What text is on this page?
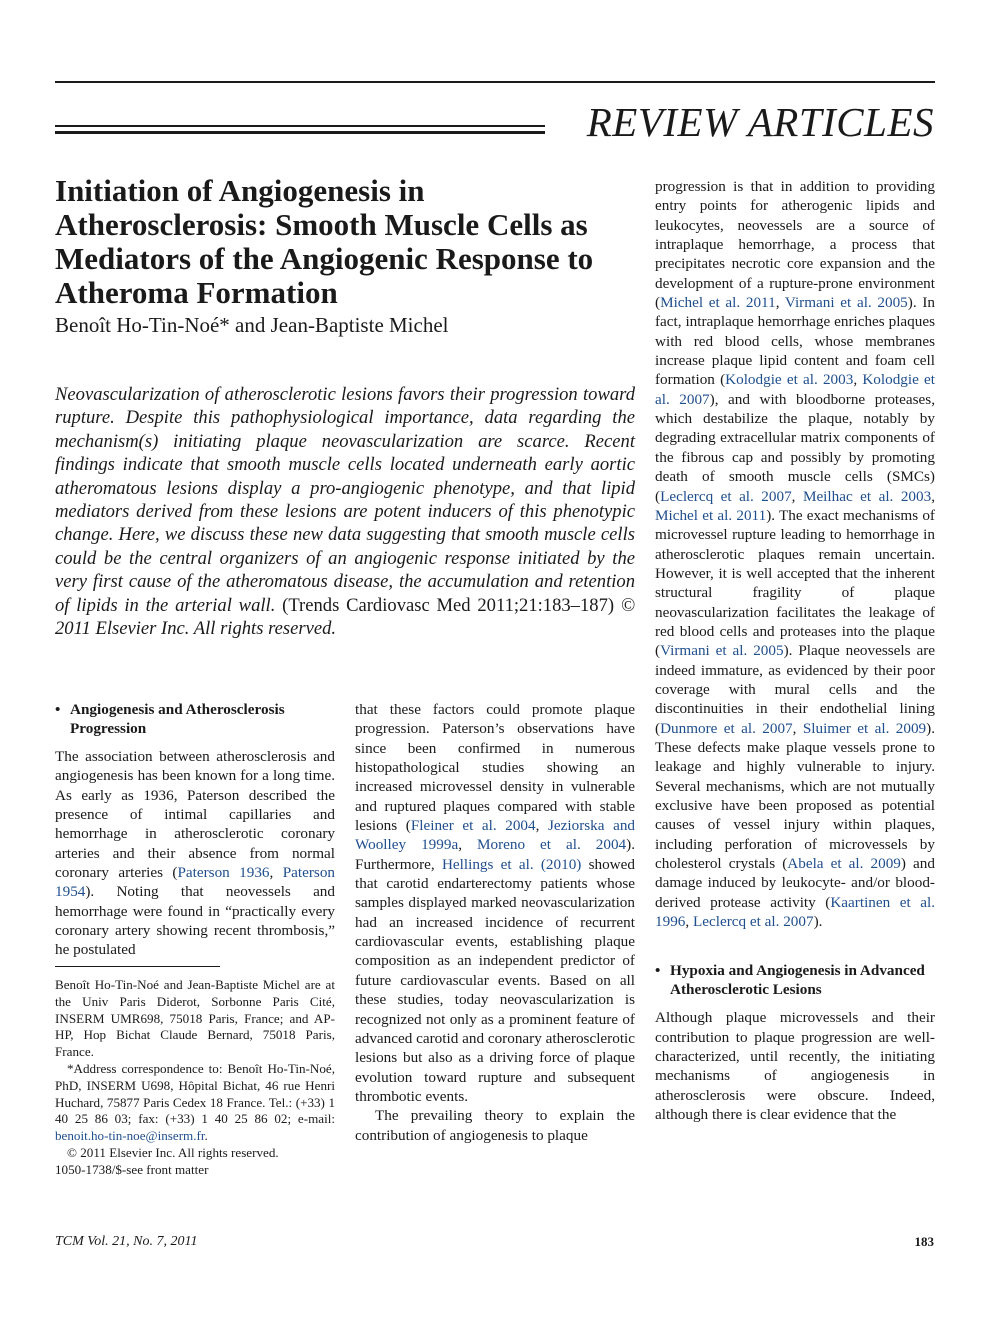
REVIEW ARTICLES
Initiation of Angiogenesis in Atherosclerosis: Smooth Muscle Cells as Mediators of the Angiogenic Response to Atheroma Formation
Benoît Ho-Tin-Noé* and Jean-Baptiste Michel
Neovascularization of atherosclerotic lesions favors their progression toward rupture. Despite this pathophysiological importance, data regarding the mechanism(s) initiating plaque neovascularization are scarce. Recent findings indicate that smooth muscle cells located underneath early aortic atheromatous lesions display a pro-angiogenic phenotype, and that lipid mediators derived from these lesions are potent inducers of this phenotypic change. Here, we discuss these new data suggesting that smooth muscle cells could be the central organizers of an angiogenic response initiated by the very first cause of the atheromatous disease, the accumulation and retention of lipids in the arterial wall. (Trends Cardiovasc Med 2011;21:183–187) © 2011 Elsevier Inc. All rights reserved.
• Angiogenesis and Atherosclerosis Progression

The association between atherosclerosis and angiogenesis has been known for a long time. As early as 1936, Paterson described the presence of intimal capillaries and hemorrhage in atherosclerotic coronary arteries and their absence from normal coronary arteries (Paterson 1936, Paterson 1954). Noting that neovessels and hemorrhage were found in “practically every coronary artery showing recent thrombosis,” he postulated

Benoît Ho-Tin-Noé and Jean-Baptiste Michel are at the Univ Paris Diderot, Sorbonne Paris Cité, INSERM UMR698, 75018 Paris, France; and AP-HP, Hop Bichat Claude Bernard, 75018 Paris, France.

*Address correspondence to: Benoît Ho-Tin-Noé, PhD, INSERM U698, Hôpital Bichat, 46 rue Henri Huchard, 75877 Paris Cedex 18 France. Tel.: (+33) 1 40 25 86 03; fax: (+33) 1 40 25 86 02; e-mail: benoit.ho-tin-noe@inserm.fr.

© 2011 Elsevier Inc. All rights reserved.

1050-1738/$-see front matter

that these factors could promote plaque progression. Paterson’s observations have since been confirmed in numerous histopathological studies showing an increased microvessel density in vulnerable and ruptured plaques compared with stable lesions (Fleiner et al. 2004, Jeziorska and Woolley 1999a, Moreno et al. 2004). Furthermore, Hellings et al. (2010) showed that carotid endarterectomy patients whose samples displayed marked neovascularization had an increased incidence of recurrent cardiovascular events, establishing plaque composition as an independent predictor of future cardiovascular events. Based on all these studies, today neovascularization is recognized not only as a prominent feature of advanced carotid and coronary atherosclerotic lesions but also as a driving force of plaque evolution toward rupture and subsequent thrombotic events.

The prevailing theory to explain the contribution of angiogenesis to plaque

progression is that in addition to providing entry points for atherogenic lipids and leukocytes, neovessels are a source of intraplaque hemorrhage, a process that precipitates necrotic core expansion and the development of a rupture-prone environment (Michel et al. 2011, Virmani et al. 2005). In fact, intraplaque hemorrhage enriches plaques with red blood cells, whose membranes increase plaque lipid content and foam cell formation (Kolodgie et al. 2003, Kolodgie et al. 2007), and with bloodborne proteases, which destabilize the plaque, notably by degrading extracellular matrix components of the fibrous cap and possibly by promoting death of smooth muscle cells (SMCs) (Leclercq et al. 2007, Meilhac et al. 2003, Michel et al. 2011). The exact mechanisms of microvessel rupture leading to hemorrhage in atherosclerotic plaques remain uncertain. However, it is well accepted that the inherent structural fragility of plaque neovascularization facilitates the leakage of red blood cells and proteases into the plaque (Virmani et al. 2005). Plaque neovessels are indeed immature, as evidenced by their poor coverage with mural cells and the discontinuities in their endothelial lining (Dunmore et al. 2007, Sluimer et al. 2009). These defects make plaque vessels prone to leakage and highly vulnerable to injury. Several mechanisms, which are not mutually exclusive have been proposed as potential causes of vessel injury within plaques, including perforation of microvessels by cholesterol crystals (Abela et al. 2009) and damage induced by leukocyte- and/or blood-derived protease activity (Kaartinen et al. 1996, Leclercq et al. 2007).

• Hypoxia and Angiogenesis in Advanced Atherosclerotic Lesions

Although plaque microvessels and their contribution to plaque progression are well-characterized, until recently, the initiating mechanisms of angiogenesis in atherosclerosis were obscure. Indeed, although there is clear evidence that the

TCM Vol. 21, No. 7, 2011	183
